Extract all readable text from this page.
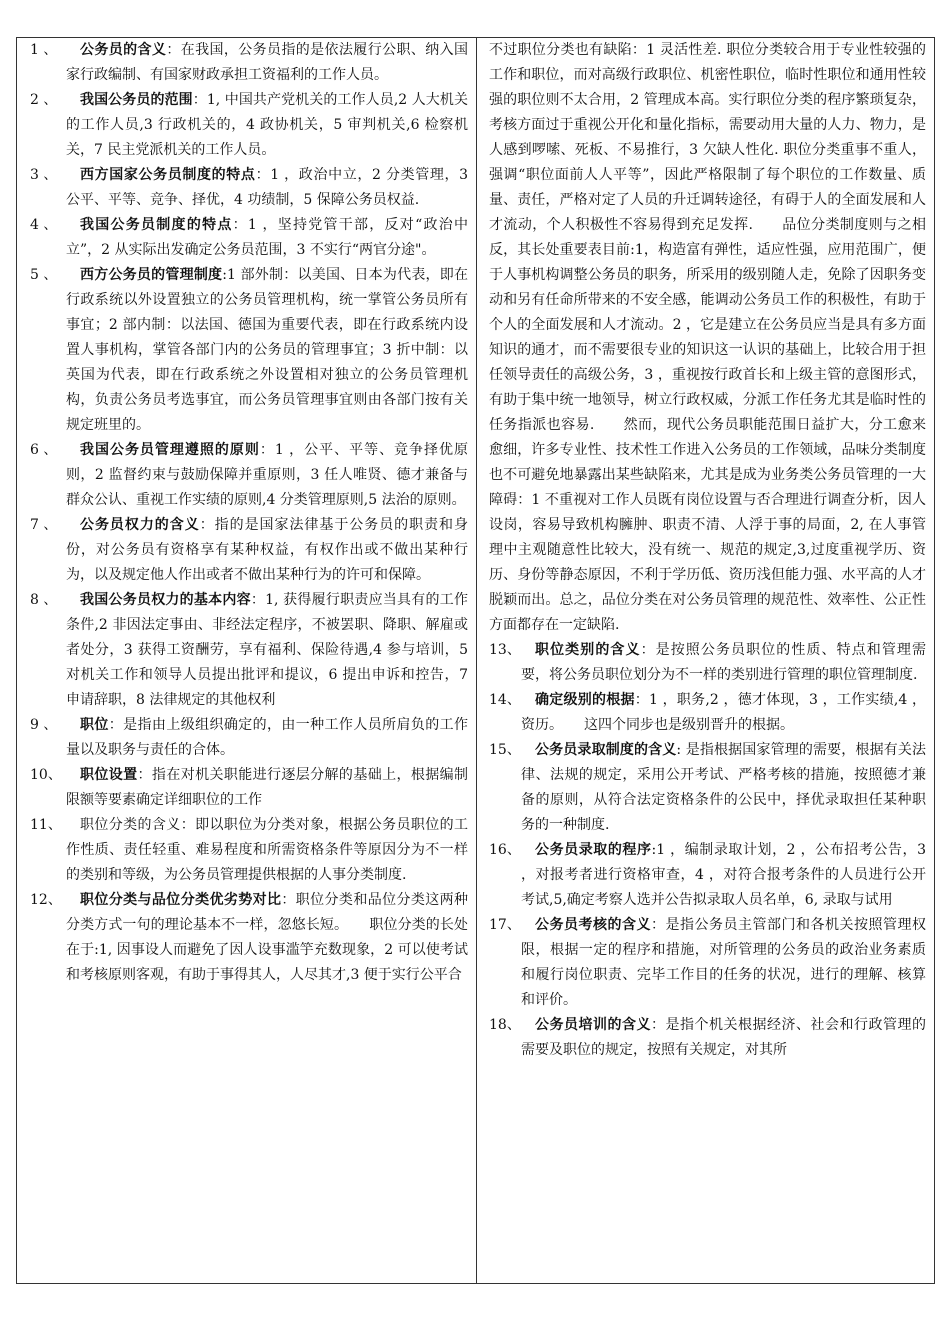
1 、	公务员的含义：在我国，公务员指的是依法履行公职、纳入国家行政编制、有国家财政承担工资福利的工作人员。
2 、	我国公务员的范围：1, 中国共产党机关的工作人员,2 人大机关的工作人员,3 行政机关的，4 政协机关，5 审判机关,6 检察机关，7 民主党派机关的工作人员。
3 、	西方国家公务员制度的特点：1 ，政治中立，2 分类管理，3 公平、平等、竞争、择优，4 功绩制，5 保障公务员权益.
4 、	我国公务员制度的特点：1 ，坚持党管干部，反对“政治中立”，2 从实际出发确定公务员范围，3 不实行“两官分途"。
5 、	西方公务员的管理制度:1 部外制：以美国、日本为代表，即在行政系统以外设置独立的公务员管理机构，统一掌管公务员所有事宜；2 部内制：以法国、德国为重要代表，即在行政系统内设置人事机构，掌管各部门内的公务员的管理事宜；3 折中制：以英国为代表，即在行政系统之外设置相对独立的公务员管理机构，负责公务员考选事宜，而公务员管理事宜则由各部门按有关规定班里的。
6 、	我国公务员管理遵照的原则：1 ，公平、平等、竞争择优原则，2 监督约束与鼓励保障并重原则，3 任人唯贤、德才兼备与群众公认、重视工作实绩的原则,4 分类管理原则,5 法治的原则。
7 、	公务员权力的含义：指的是国家法律基于公务员的职责和身份，对公务员有资格享有某种权益，有权作出或不做出某种行为，以及规定他人作出或者不做出某种行为的许可和保障。
8 、	我国公务员权力的基本内容：1, 获得履行职责应当具有的工作条件,2 非因法定事由、非经法定程序，不被罢职、降职、解雇或者处分，3 获得工资酬劳，享有福利、保险待遇,4 参与培训，5 对机关工作和领导人员提出批评和提议，6 提出申诉和控告，7 申请辞职，8 法律规定的其他权利
9 、	职位：是指由上级组织确定的，由一种工作人员所肩负的工作量以及职务与责任的合体。
10、	职位设置：指在对机关职能进行逐层分解的基础上，根据编制限额等要素确定详细职位的工作
11、	职位分类的含义：即以职位为分类对象，根据公务员职位的工作性质、责任轻重、难易程度和所需资格条件等原因分为不一样的类别和等级，为公务员管理提供根据的人事分类制度.
12、	职位分类与品位分类优劣势对比：职位分类和品位分类这两种分类方式一句的理论基本不一样，忽悠长短。　　职位分类的长处在于:1, 因事设人而避免了因人设事滥竽充数现象，2 可以使考试和考核原则客观，有助于事得其人，人尽其才,3 便于实行公平合
不过职位分类也有缺陷：1 灵活性差. 职位分类较合用于专业性较强的工作和职位，而对高级行政职位、机密性职位，临时性职位和通用性较强的职位则不太合用，2 管理成本高。实行职位分类的程序繁琐复杂，考核方面过于重视公开化和量化指标，需要动用大量的人力、物力，是人感到啰嗦、死板、不易推行，3 欠缺人性化. 职位分类重事不重人，强调“职位面前人人平等”，因此严格限制了每个职位的工作数量、质量、责任，严格对定了人员的升迁调转途径，有碍于人的全面发展和人才流动，个人积极性不容易得到充足发挥.　　品位分类制度则与之相反，其长处重要表目前:1，构造富有弹性，适应性强，应用范围广，便于人事机构调整公务员的职务，所采用的级别随人走，免除了因职务变动和另有任命所带来的不安全感，能调动公务员工作的积极性，有助于个人的全面发展和人才流动。2 ，它是建立在公务员应当是具有多方面知识的通才，而不需要很专业的知识这一认识的基础上，比较合用于担任领导责任的高级公务，3 ，重视按行政首长和上级主管的意图形式，有助于集中统一地领导，树立行政权威，分派工作任务尤其是临时性的任务指派也容易.　　然而，现代公务员职能范围日益扩大，分工愈来愈细，许多专业性、技术性工作进入公务员的工作领域，品味分类制度也不可避免地暴露出某些缺陷来，尤其是成为业务类公务员管理的一大障碍：1 不重视对工作人员既有岗位设置与否合理进行调查分析，因人设岗，容易导致机构臃肿、职责不清、人浮于事的局面，2, 在人事管理中主观随意性比较大，没有统一、规范的规定,3,过度重视学历、资历、身份等静态原因，不利于学历低、资历浅但能力强、水平高的人才脱颖而出。总之，品位分类在对公务员管理的规范性、效率性、公正性方面都存在一定缺陷.
13、	职位类别的含义：是按照公务员职位的性质、特点和管理需要，将公务员职位划分为不一样的类别进行管理的职位管理制度.
14、	确定级别的根据：1 ，职务,2 ，德才体现，3 ，工作实绩,4 ，资历。　　这四个同步也是级别晋升的根据。
15、	公务员录取制度的含义: 是指根据国家管理的需要，根据有关法律、法规的规定，采用公开考试、严格考核的措施，按照德才兼备的原则，从符合法定资格条件的公民中，择优录取担任某种职务的一种制度.
16、	公务员录取的程序:1 ，编制录取计划，2 ，公布招考公告，3 ，对报考者进行资格审查，4 ，对符合报考条件的人员进行公开考试,5,确定考察人选并公告拟录取人员名单，6, 录取与试用
17、	公务员考核的含义：是指公务员主管部门和各机关按照管理权限，根据一定的程序和措施，对所管理的公务员的政治业务素质和履行岗位职责、完毕工作目的任务的状况，进行的理解、核算和评价。
18、	公务员培训的含义：是指个机关根据经济、社会和行政管理的需要及职位的规定，按照有关规定，对其所
